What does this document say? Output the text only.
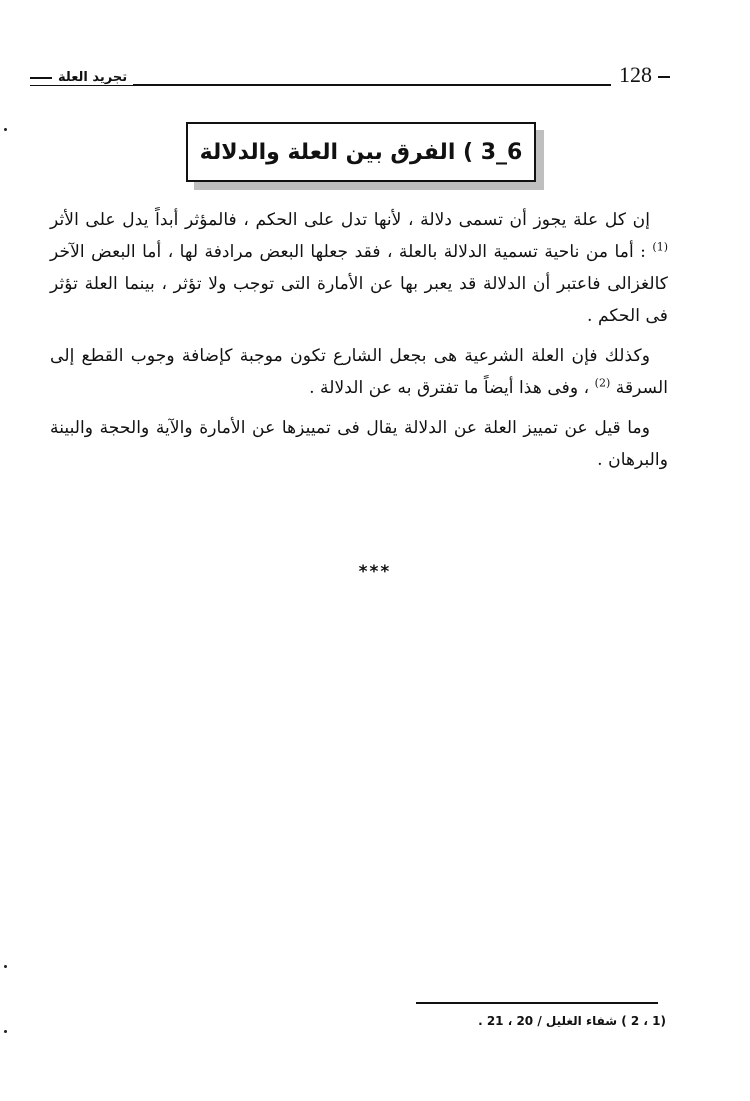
تجريد العلة	128
6_3 ) الفرق بين العلة والدلالة

إن كل علة يجوز أن تسمى دلالة ، لأنها تدل على الحكم ، فالمؤثر أبداً يدل على الأثر $^{(1)}$ : أما من ناحية تسمية الدلالة بالعلة ، فقد جعلها البعض مرادفة لها ، أما البعض الآخر كالغزالى فاعتبر أن الدلالة قد يعبر بها عن الأمارة التى توجب ولا تؤثر ، بينما العلة تؤثر فى الحكم .

وكذلك فإن العلة الشرعية هى بجعل الشارع تكون موجبة كإضافة وجوب القطع إلى السرقة $^{(2)}$ ، وفى هذا أيضاً ما تفترق به عن الدلالة .

وما قيل عن تمييز العلة عن الدلالة يقال فى تمييزها عن الأمارة والآية والحجة والبينة والبرهان .

***
(1 ، 2 ) شفاء الغليل / 20 ، 21 .
